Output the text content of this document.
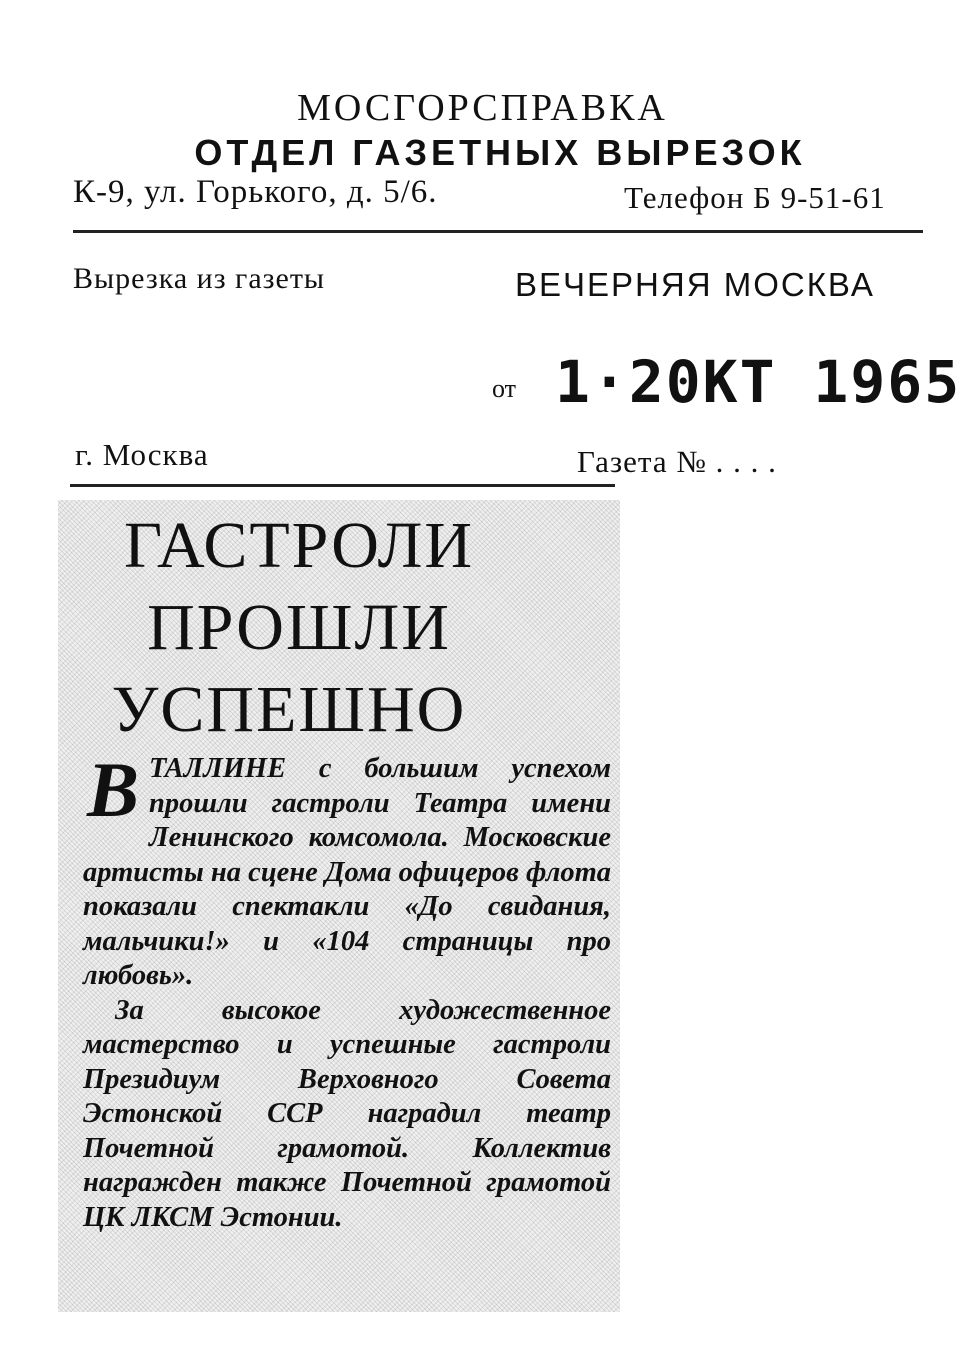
МОСГОРСПРАВКА
ОТДЕЛ ГАЗЕТНЫХ ВЫРЕЗОК
К-9, ул. Горького, д. 5/6.	Телефон Б 9-51-61
Вырезка из газеты	ВЕЧЕРНЯЯ МОСКВА
от 1·20КТ 1965
г. Москва	Газета № . . . .
ГАСТРОЛИ
ПРОШЛИ
УСПЕШНО
В ТАЛЛИНЕ с большим успехом прошли гастроли Театра имени Ленинского комсомола. Московские артисты на сцене Дома офицеров флота показали спектакли «До свидания, мальчики!» и «104 страницы про любовь».

За высокое художественное мастерство и успешные гастроли Президиум Верховного Совета Эстонской ССР наградил театр Почетной грамотой. Коллектив награжден также Почетной грамотой ЦК ЛКСМ Эстонии.
